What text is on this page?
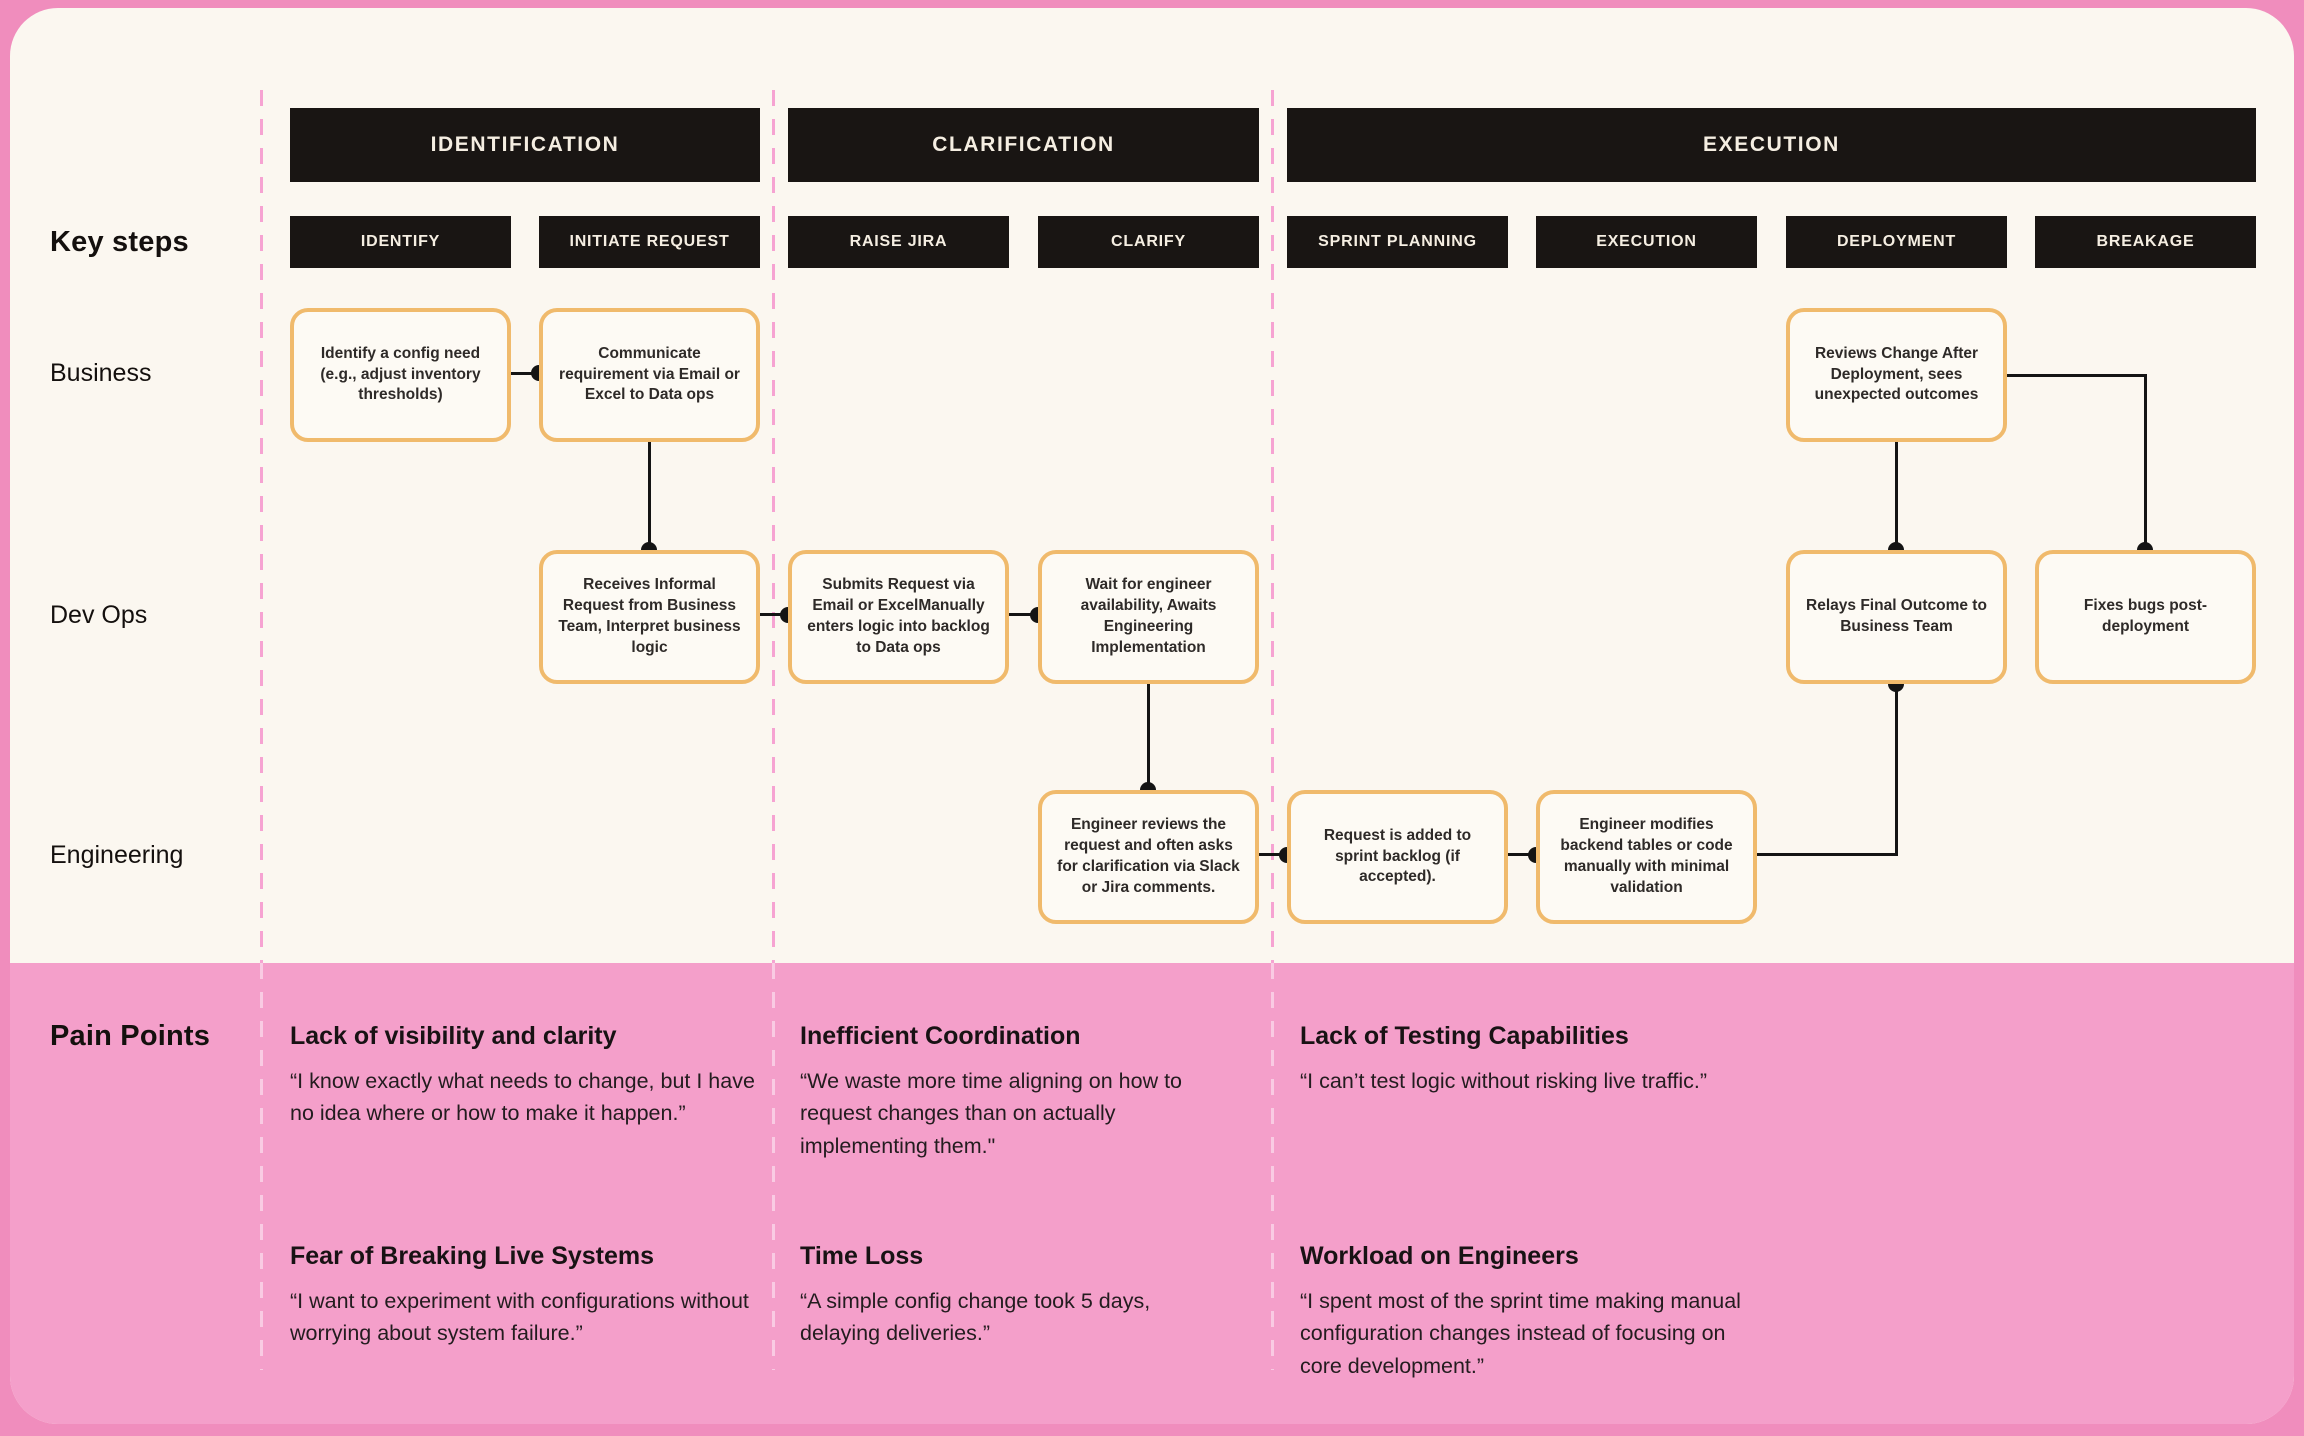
IDENTIFICATION	CLARIFICATION	EXECUTION
IDENTIFY	INITIATE REQUEST	RAISE JIRA	CLARIFY	SPRINT PLANNING	EXECUTION	DEPLOYMENT	BREAKAGE
Key steps
Business
Dev Ops
Engineering
Pain Points
Identify a config need (e.g., adjust inventory thresholds)
Communicate requirement via Email or Excel to Data ops
Reviews Change After Deployment, sees unexpected outcomes
Receives Informal Request from Business Team, Interpret business logic
Submits Request via Email or ExcelManually enters logic into backlog to Data ops
Wait for engineer availability, Awaits Engineering Implementation
Relays Final Outcome to Business Team
Fixes bugs post-deployment
Engineer reviews the request and often asks for clarification via Slack or Jira comments.
Request is added to sprint backlog (if accepted).
Engineer modifies backend tables or code manually with minimal validation

Lack of visibility and clarity

“I know exactly what needs to change, but I have no idea where or how to make it happen.”

Inefficient Coordination

“We waste more time aligning on how to request changes than on actually implementing them."

Lack of Testing Capabilities

“I can’t test logic without risking live traffic.”

Fear of Breaking Live Systems

“I want to experiment with configurations without worrying about system failure.”

Time Loss

“A simple config change took 5 days, delaying deliveries.”

Workload on Engineers

“I spent most of the sprint time making manual configuration changes instead of focusing on core development.”
